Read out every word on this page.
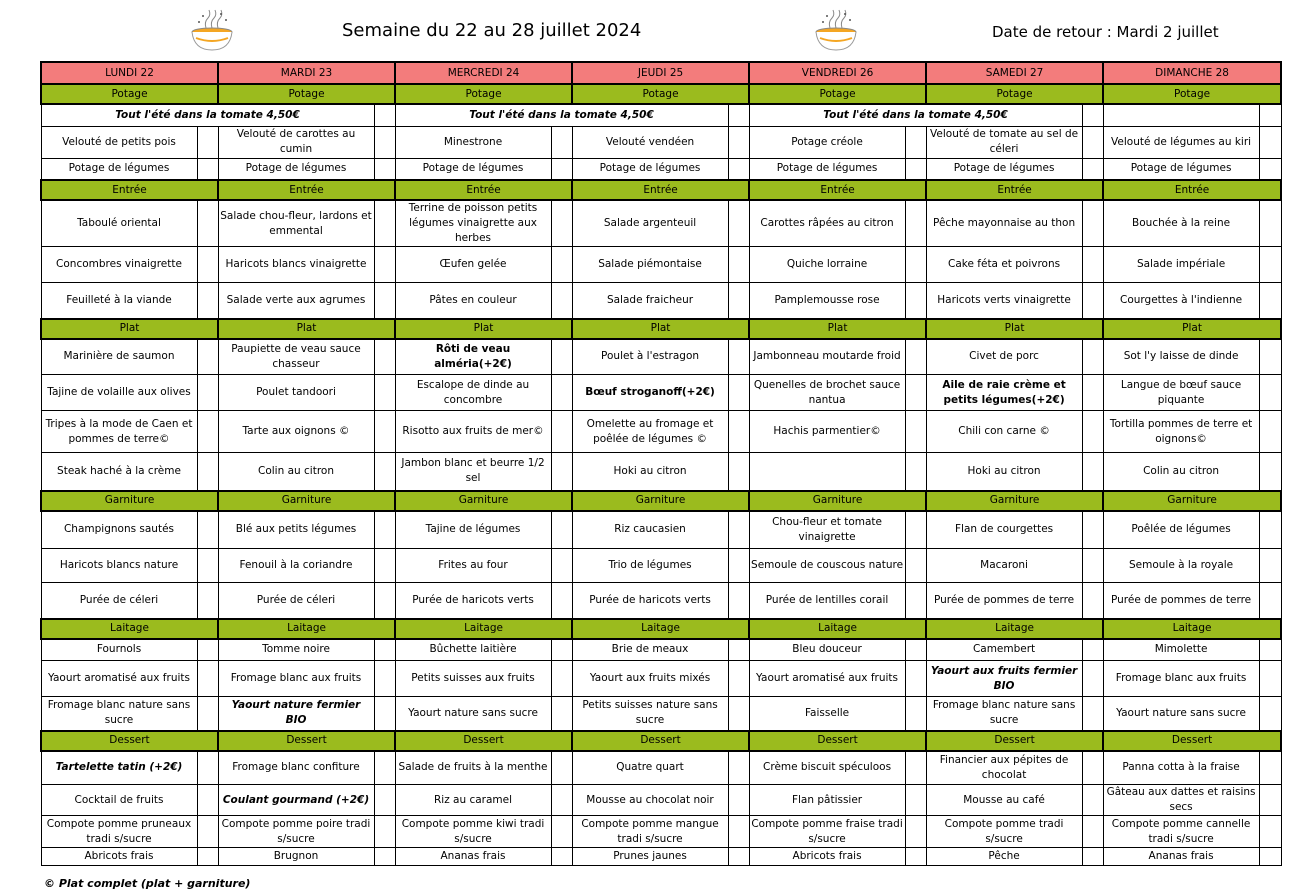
Semaine du 22 au 28 juillet 2024	Date de retour : Mardi 2 juillet
LUNDI 22		MARDI 23		MERCREDI 24		JEUDI 25		VENDREDI 26		SAMEDI 27		DIMANCHE 28	
Potage		Potage		Potage		Potage		Potage		Potage		Potage	
Tout l'été dans la tomate 4,50€				Tout l'été dans la tomate 4,50€				Tout l'été dans la tomate 4,50€					
Velouté de petits pois		Velouté de carottes au cumin		Minestrone		Velouté vendéen		Potage créole		Velouté de tomate au sel de céleri		Velouté de légumes au kiri	
Potage de légumes		Potage de légumes		Potage de légumes		Potage de légumes		Potage de légumes		Potage de légumes		Potage de légumes	
Entrée		Entrée		Entrée		Entrée		Entrée		Entrée		Entrée	
Taboulé oriental		Salade chou-fleur, lardons et emmental		Terrine de poisson petits légumes vinaigrette aux herbes		Salade argenteuil		Carottes râpées au citron		Pêche mayonnaise au thon		Bouchée à la reine	
Concombres vinaigrette		Haricots blancs vinaigrette		Œufen gelée		Salade piémontaise		Quiche lorraine		Cake féta et poivrons		Salade impériale	
Feuilleté à la viande		Salade verte aux agrumes		Pâtes en couleur		Salade fraicheur		Pamplemousse rose		Haricots verts vinaigrette		Courgettes à l'indienne	
Plat		Plat		Plat		Plat		Plat		Plat		Plat	
Marinière de saumon		Paupiette de veau sauce chasseur		Rôti de veau alméria(+2€)		Poulet à l'estragon		Jambonneau moutarde froid		Civet de porc		Sot l'y laisse de dinde	
Tajine de volaille aux olives		Poulet tandoori		Escalope de dinde au concombre		Bœuf stroganoff(+2€)		Quenelles de brochet sauce nantua		Aile de raie crème et petits légumes(+2€)		Langue de bœuf sauce piquante	
Tripes à la mode de Caen et pommes de terre©		Tarte aux oignons ©		Risotto aux fruits de mer©		Omelette au fromage et poêlée de légumes ©		Hachis parmentier©		Chili con carne ©		Tortilla pommes de terre et oignons©	
Steak haché à la crème		Colin au citron		Jambon blanc et beurre 1/2 sel		Hoki au citron				Hoki au citron		Colin au citron	
Garniture		Garniture		Garniture		Garniture		Garniture		Garniture		Garniture	
Champignons sautés		Blé aux petits légumes		Tajine de légumes		Riz caucasien		Chou-fleur et tomate vinaigrette		Flan de courgettes		Poêlée de légumes	
Haricots blancs nature		Fenouil à la coriandre		Frites au four		Trio de légumes		Semoule de couscous nature		Macaroni		Semoule à la royale	
Purée de céleri		Purée de céleri		Purée de haricots verts		Purée de haricots verts		Purée de lentilles corail		Purée de pommes de terre		Purée de pommes de terre	
Laitage		Laitage		Laitage		Laitage		Laitage		Laitage		Laitage	
Fournols		Tomme noire		Bûchette laitière		Brie de meaux		Bleu douceur		Camembert		Mimolette	
Yaourt aromatisé aux fruits		Fromage blanc aux fruits		Petits suisses aux fruits		Yaourt aux fruits mixés		Yaourt aromatisé aux fruits		Yaourt aux fruits fermier BIO		Fromage blanc aux fruits	
Fromage blanc nature sans sucre		Yaourt nature fermier BIO		Yaourt nature sans sucre		Petits suisses nature sans sucre		Faisselle		Fromage blanc nature sans sucre		Yaourt nature sans sucre	
Dessert		Dessert		Dessert		Dessert		Dessert		Dessert		Dessert	
Tartelette tatin (+2€)		Fromage blanc confiture		Salade de fruits à la menthe		Quatre quart		Crème biscuit spéculoos		Financier aux pépites de chocolat		Panna cotta à la fraise	
Cocktail de fruits		Coulant gourmand (+2€)		Riz au caramel		Mousse au chocolat noir		Flan pâtissier		Mousse au café		Gâteau aux dattes et raisins secs	
Compote pomme pruneaux tradi s/sucre		Compote pomme poire tradi s/sucre		Compote pomme kiwi tradi s/sucre		Compote pomme mangue tradi s/sucre		Compote pomme fraise tradi s/sucre		Compote pomme tradi s/sucre		Compote pomme cannelle tradi s/sucre	
Abricots frais		Brugnon		Ananas frais		Prunes jaunes		Abricots frais		Pêche		Ananas frais	
© Plat complet (plat + garniture)
